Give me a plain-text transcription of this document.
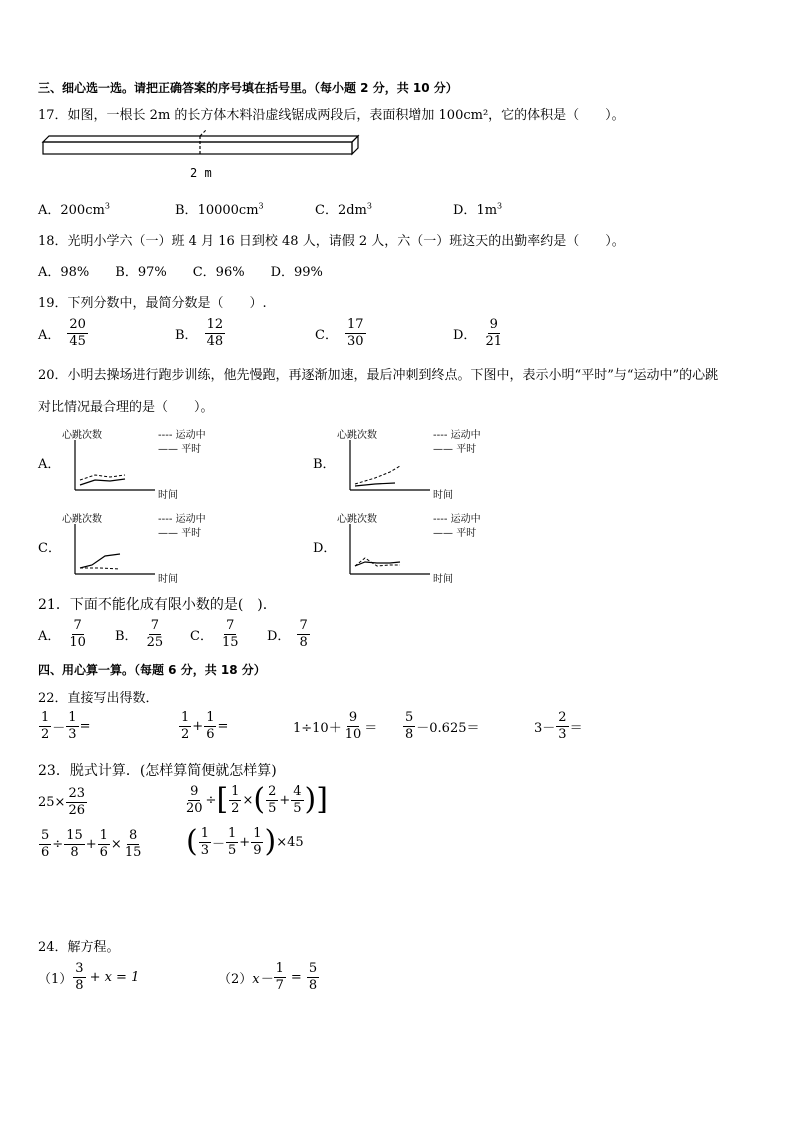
三、细心选一选。请把正确答案的序号填在括号里。（每小题 2 分，共 10 分）
17．如图，一根长 2m 的长方体木料沿虚线锯成两段后，表面积增加 100cm²，它的体积是（　　）。
2 m
A．$200cm^3$	B．$10000cm^3$	C．$2dm^3$	D．$1m^3$
18．光明小学六（一）班 4 月 16 日到校 48 人，请假 2 人，六（一）班这天的出勤率约是（　　）。
A．98%　　B．97%　　C．96%　　D．99%
19．下列分数中，最简分数是（　　）.
A． $\frac{20}{45}$	B． $\frac{12}{48}$	C． $\frac{17}{30}$	D． $\frac{9}{21}$
20．小明去操场进行跑步训练，他先慢跑，再逐渐加速，最后冲刺到终点。下图中，表示小明“平时”与“运动中”的心跳
对比情况最合理的是（　　）。
A．
心跳次数
时间
---- 运动中
—— 平时
B．
心跳次数
时间
---- 运动中
—— 平时
C．
心跳次数
时间
---- 运动中
—— 平时
D．
心跳次数
时间
---- 运动中
—— 平时
21．下面不能化成有限小数的是(　).
A． $\frac{7}{10}$ B． $\frac{7}{25}$ C． $\frac{7}{15}$ D． $\frac{7}{8}$
四、用心算一算。（每题 6 分，共 18 分）
22．直接写出得数．
$\frac{1}{2} - \frac{1}{3}$ =	$\frac{1}{2} + \frac{1}{6}$ =	$1\div 10+ \frac{9}{10} = \frac{5}{8} -0.625=$	$3- \frac{2}{3}$ ＝
23．脱式计算．(怎样算简便就怎样算)
$25\times \frac{23}{26}$	$\frac{9}{20}$ ÷ [ $\frac{1}{2}$ × ( $\frac{2}{5} + \frac{4}{5}$ ) ]
$\frac{5}{6} \div \frac{15}{8} + \frac{1}{6} \times \frac{8}{15}$ ( $\frac{1}{3} - \frac{1}{5} + \frac{1}{9}$ ) ×45
24．解方程。
$(1) \frac{3}{8} + x = 1$	（2） $x- \frac{1}{7} = \frac{5}{8}$
